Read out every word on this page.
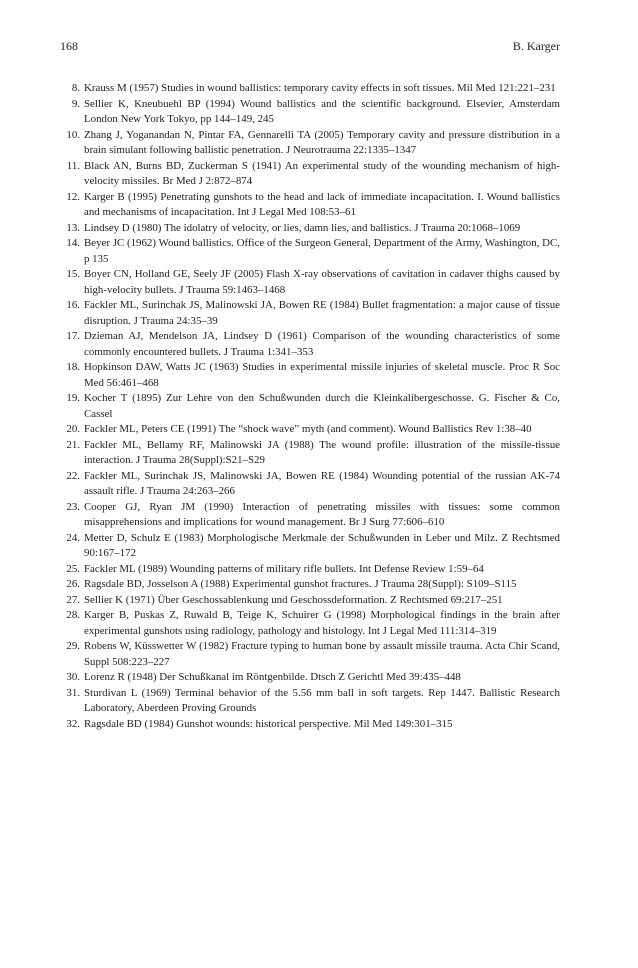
168	B. Karger
8. Krauss M (1957) Studies in wound ballistics: temporary cavity effects in soft tissues. Mil Med 121:221–231
9. Sellier K, Kneubuehl BP (1994) Wound ballistics and the scientific background. Elsevier, Amsterdam London New York Tokyo, pp 144–149, 245
10. Zhang J, Yoganandan N, Pintar FA, Gennarelli TA (2005) Temporary cavity and pressure distribution in a brain simulant following ballistic penetration. J Neurotrauma 22:1335–1347
11. Black AN, Burns BD, Zuckerman S (1941) An experimental study of the wounding mechanism of high-velocity missiles. Br Med J 2:872–874
12. Karger B (1995) Penetrating gunshots to the head and lack of immediate incapacitation. I. Wound ballistics and mechanisms of incapacitation. Int J Legal Med 108:53–61
13. Lindsey D (1980) The idolatry of velocity, or lies, damn lies, and ballistics. J Trauma 20:1068–1069
14. Beyer JC (1962) Wound ballistics. Office of the Surgeon General, Department of the Army, Washington, DC, p 135
15. Boyer CN, Holland GE, Seely JF (2005) Flash X-ray observations of cavitation in cadaver thighs caused by high-velocity bullets. J Trauma 59:1463–1468
16. Fackler ML, Surinchak JS, Malinowski JA, Bowen RE (1984) Bullet fragmentation: a major cause of tissue disruption. J Trauma 24:35–39
17. Dzieman AJ, Mendelson JA, Lindsey D (1961) Comparison of the wounding characteristics of some commonly encountered bullets. J Trauma 1:341–353
18. Hopkinson DAW, Watts JC (1963) Studies in experimental missile injuries of skeletal muscle. Proc R Soc Med 56:461–468
19. Kocher T (1895) Zur Lehre von den Schußwunden durch die Kleinkalibergeschosse. G. Fischer & Co, Cassel
20. Fackler ML, Peters CE (1991) The “shock wave” myth (and comment). Wound Ballistics Rev 1:38–40
21. Fackler ML, Bellamy RF, Malinowski JA (1988) The wound profile: illustration of the missile-tissue interaction. J Trauma 28(Suppl):S21–S29
22. Fackler ML, Surinchak JS, Malinowski JA, Bowen RE (1984) Wounding potential of the russian AK-74 assault rifle. J Trauma 24:263–266
23. Cooper GJ, Ryan JM (1990) Interaction of penetrating missiles with tissues: some common misapprehensions and implications for wound management. Br J Surg 77:606–610
24. Metter D, Schulz E (1983) Morphologische Merkmale der Schußwunden in Leber und Milz. Z Rechtsmed 90:167–172
25. Fackler ML (1989) Wounding patterns of military rifle bullets. Int Defense Review 1:59–64
26. Ragsdale BD, Josselson A (1988) Experimental gunshot fractures. J Trauma 28(Suppl): S109–S115
27. Sellier K (1971) Über Geschossablenkung und Geschossdeformation. Z Rechtsmed 69:217–251
28. Karger B, Puskas Z, Ruwald B, Teige K, Schuirer G (1998) Morphological findings in the brain after experimental gunshots using radiology, pathology and histology. Int J Legal Med 111:314–319
29. Robens W, Küsswetter W (1982) Fracture typing to human bone by assault missile trauma. Acta Chir Scand, Suppl 508:223–227
30. Lorenz R (1948) Der Schußkanal im Röntgenbilde. Dtsch Z Gerichtl Med 39:435–448
31. Sturdivan L (1969) Terminal behavior of the 5.56 mm ball in soft targets. Rep 1447. Ballistic Research Laboratory, Aberdeen Proving Grounds
32. Ragsdale BD (1984) Gunshot wounds: historical perspective. Mil Med 149:301–315
